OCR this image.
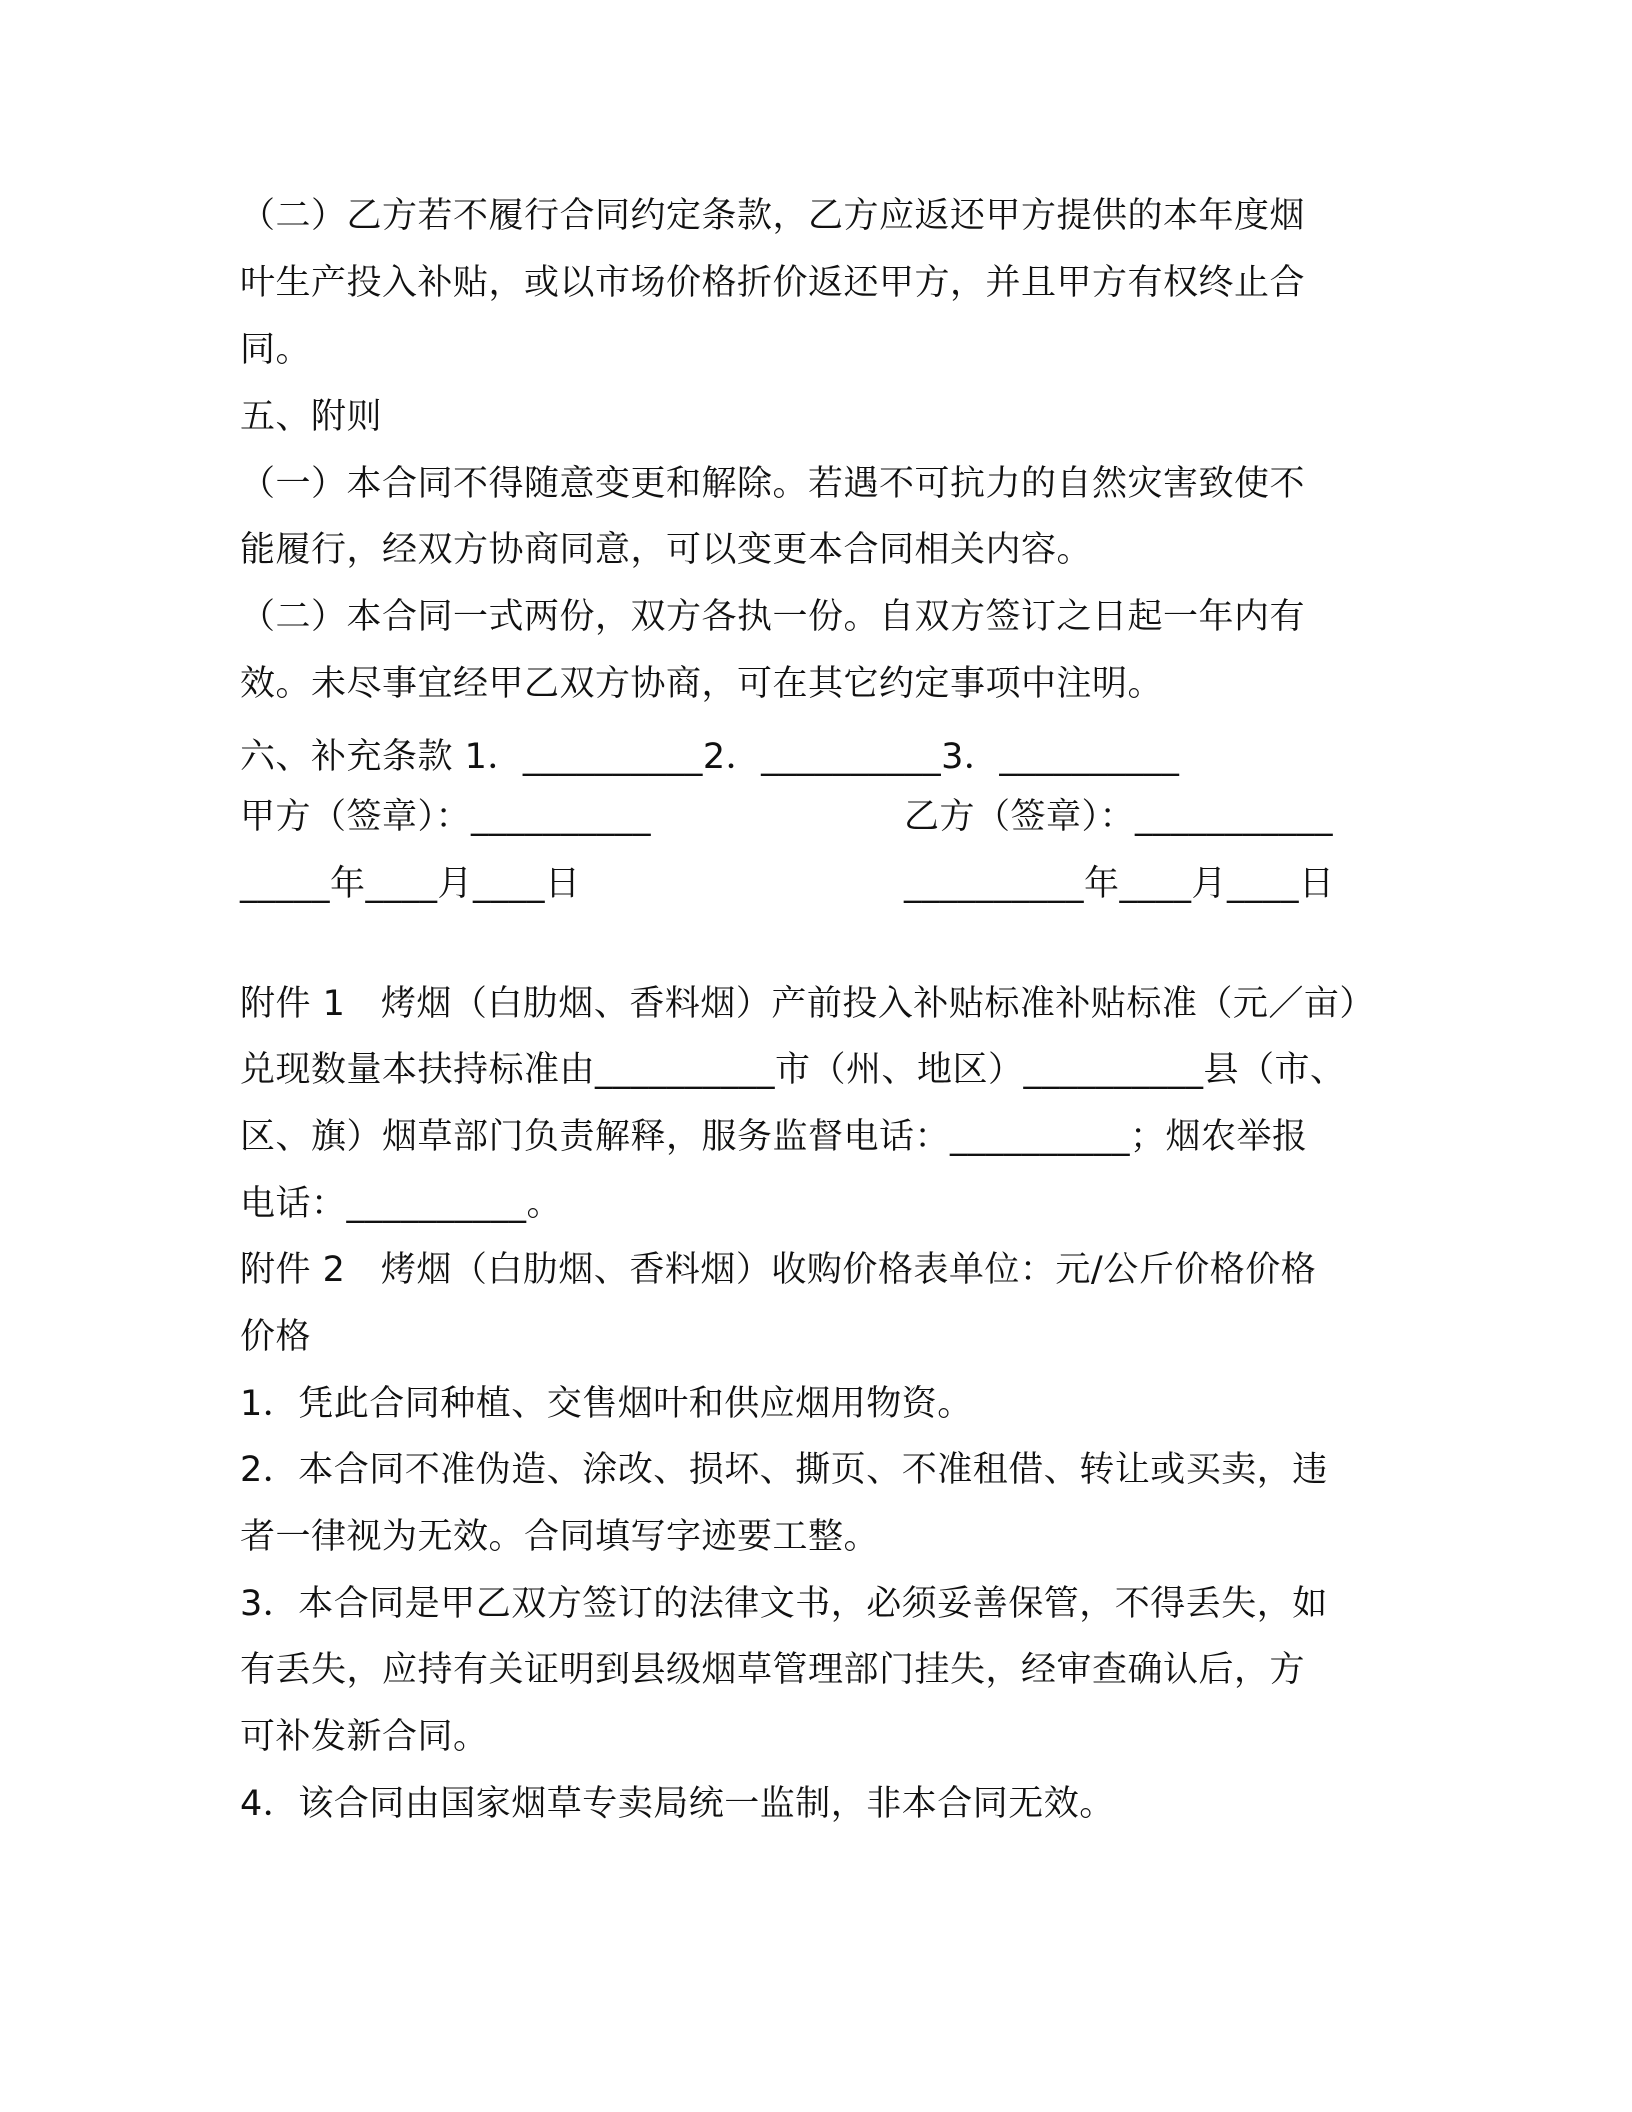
（二）乙方若不履行合同约定条款，乙方应返还甲方提供的本年度烟
叶生产投入补贴，或以市场价格折价返还甲方，并且甲方有权终止合
同。
五、附则
（一）本合同不得随意变更和解除。若遇不可抗力的自然灾害致使不
能履行，经双方协商同意，可以变更本合同相关内容。
（二）本合同一式两份，双方各执一份。自双方签订之日起一年内有
效。未尽事宜经甲乙双方协商，可在其它约定事项中注明。
六、补充条款 1．__________2．__________3．__________
甲方（签章）：__________	乙方（签章）：___________
_____年____月____日	__________年____月____日
附件 1　烤烟（白肋烟、香料烟）产前投入补贴标准补贴标准（元／亩）
兑现数量本扶持标准由__________市（州、地区）__________县（市、
区、旗）烟草部门负责解释，服务监督电话：__________；烟农举报
电话：__________。
附件 2　烤烟（白肋烟、香料烟）收购价格表单位：元/公斤价格价格
价格
1．凭此合同种植、交售烟叶和供应烟用物资。
2．本合同不准伪造、涂改、损坏、撕页、不准租借、转让或买卖，违
者一律视为无效。合同填写字迹要工整。
3．本合同是甲乙双方签订的法律文书，必须妥善保管，不得丢失，如
有丢失，应持有关证明到县级烟草管理部门挂失，经审查确认后，方
可补发新合同。
4．该合同由国家烟草专卖局统一监制，非本合同无效。
